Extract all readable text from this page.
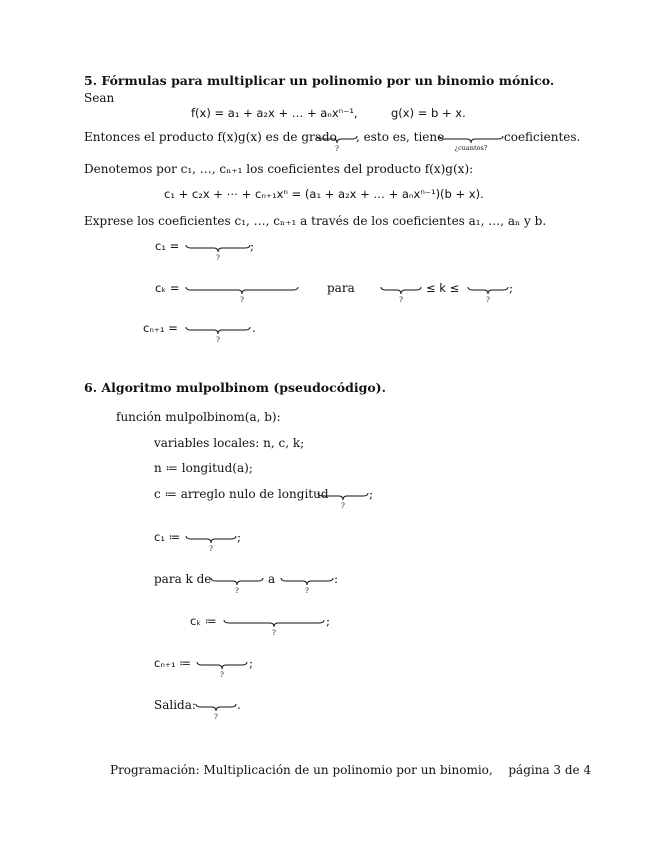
5. Fórmulas para multiplicar un polinomio por un binomio mónico.
Sean
f(x) = a₁ + a₂x + … + aₙxⁿ⁻¹,	g(x) = b + x.
Entonces el producto f(x)g(x) es de grado
?
, esto es, tiene
¿cuantos?
coeficientes.
Denotemos por c₁, …, cₙ₊₁ los coeficientes del producto f(x)g(x):
c₁ + c₂x + ⋯ + cₙ₊₁xⁿ = (a₁ + a₂x + … + aₙxⁿ⁻¹)(b + x).
Exprese los coeficientes c₁, …, cₙ₊₁ a través de los coeficientes a₁, …, aₙ y b.
c₁ =
?
;
cₖ =
?
para
?
≤ k ≤
?
;
cₙ₊₁ =
?
.
6. Algoritmo mulpolbinom (pseudocódigo).
función mulpolbinom(a, b):
variables locales: n, c, k;
n ≔ longitud(a);
c ≔ arreglo nulo de longitud
?
;
c₁ ≔
?
;
para k de
?
a
?
:
cₖ ≔
?
;
cₙ₊₁ ≔
?
;
Salida:
?
.
Programación: Multiplicación de un polinomio por un binomio, página 3 de 4
